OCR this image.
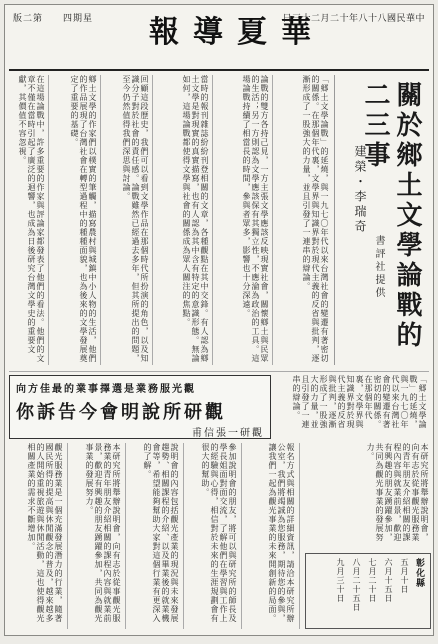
版二第 四期星 報導夏華
日三十二月二十年八十八國民華中
關於鄉土文學論戰的二三事
建榮・李瑞奇
書評社提供
「郷土文學論戰」的延燒，與一九七〇年代以來台灣社會的變遷有著密切的關係。在那個年代裏，文學界與知識界對於現代主義的反省與批判，逐漸形成了一股強大的力量，並且引發了一連串的辯論。
論戰的雙方各持己見，一方主張文學應該反映現實社會，關懷鄉土與民眾的生活；另一方則認為文學應該保有其獨立性，不應淪為政治的工具。這場論戰持續了相當長的時間，參與者眾多，影響也十分深遠。
當時的報刊雜誌紛紛刊登相關的文章，各種觀點在其中交鋒。有人認為鄉土文學是對現實的真實描寫，也有人認為其中含有特定的意識形態。無論如何，這場論戰都使得文學與社會的關係成為眾人關注的焦點。
回顧這段歷史，我們可以看到文學作品在那個時代所扮演的角色，以及知識分子對於社會的責任感。論戰雖然已經過去多年，但其所提出的問題，至今仍然值得我們深思與討論。
鄉土文學的作家們以樸實的筆觸，描寫農村與城鎮中小人物的生活，他們的作品展現了台灣社會在轉型過程中的種種面貌，也為後來的文學發展奠定了重要的基礎。
在這場論戰中，許多重要的作家與評論家都發表了他們的看法。他們的文章不僅在當時引起了廣泛的迴響，也成為日後研究台灣文學史的重要文獻，其價值不容忽視。
向方佳最的業事擇選是業務服光觀
你訴告今會明說所研觀
甫信張一研觀
「郷土文學論戰」的延燒，與一九七〇年代以來台灣社會的變遷有著密切的關係。在那個年代裏，文學界與知識界對於現代主義的反省與批判，逐漸形成了一股強大的力量，並且引發了一連串的辯論。
觀光服務業是一個充滿發展潛力的行業，隨著國民所得的提高與休閒觀念的普及，越來越多的人開始重視旅遊與休閒活動，這也使得觀光相關產業的需求不斷增加。	本研究所將舉辦說明會，向有志於從事觀光服務業的青年朋友介紹相關的課程內容與就業前景，歡迎有興趣的朋友踴躍參加，共同為觀光事業的發展努力。	說明會的內容包括觀光產業的現況與未來發展趨勢、相關課程的介紹、以及畢業後的就業機會等，希望能夠幫助大家對這個行業有更深入的了解。	參加說明會的朋友，將可以與研究所的師長及學長姐面對面交流，了解他們在學習與工作上的經驗與心得，相信對於未來的生涯規劃會有很大的幫助。	報名方式與相關的詳細資訊，請洽本研究所辦公室，我們將竭誠為您服務，期待您的參與，讓我們一起為觀光事業的未來開創新的局面。	彰化縣
五月十日
六月十五日
七月二十日
八月二十五日
九月三十日
本研究所將舉辦說明會，向有志於從事觀光服務業的青年朋友介紹相關的課程內容與就業前景，歡迎有興趣的朋友踴躍參加，共同為觀光事業的發展努力。
